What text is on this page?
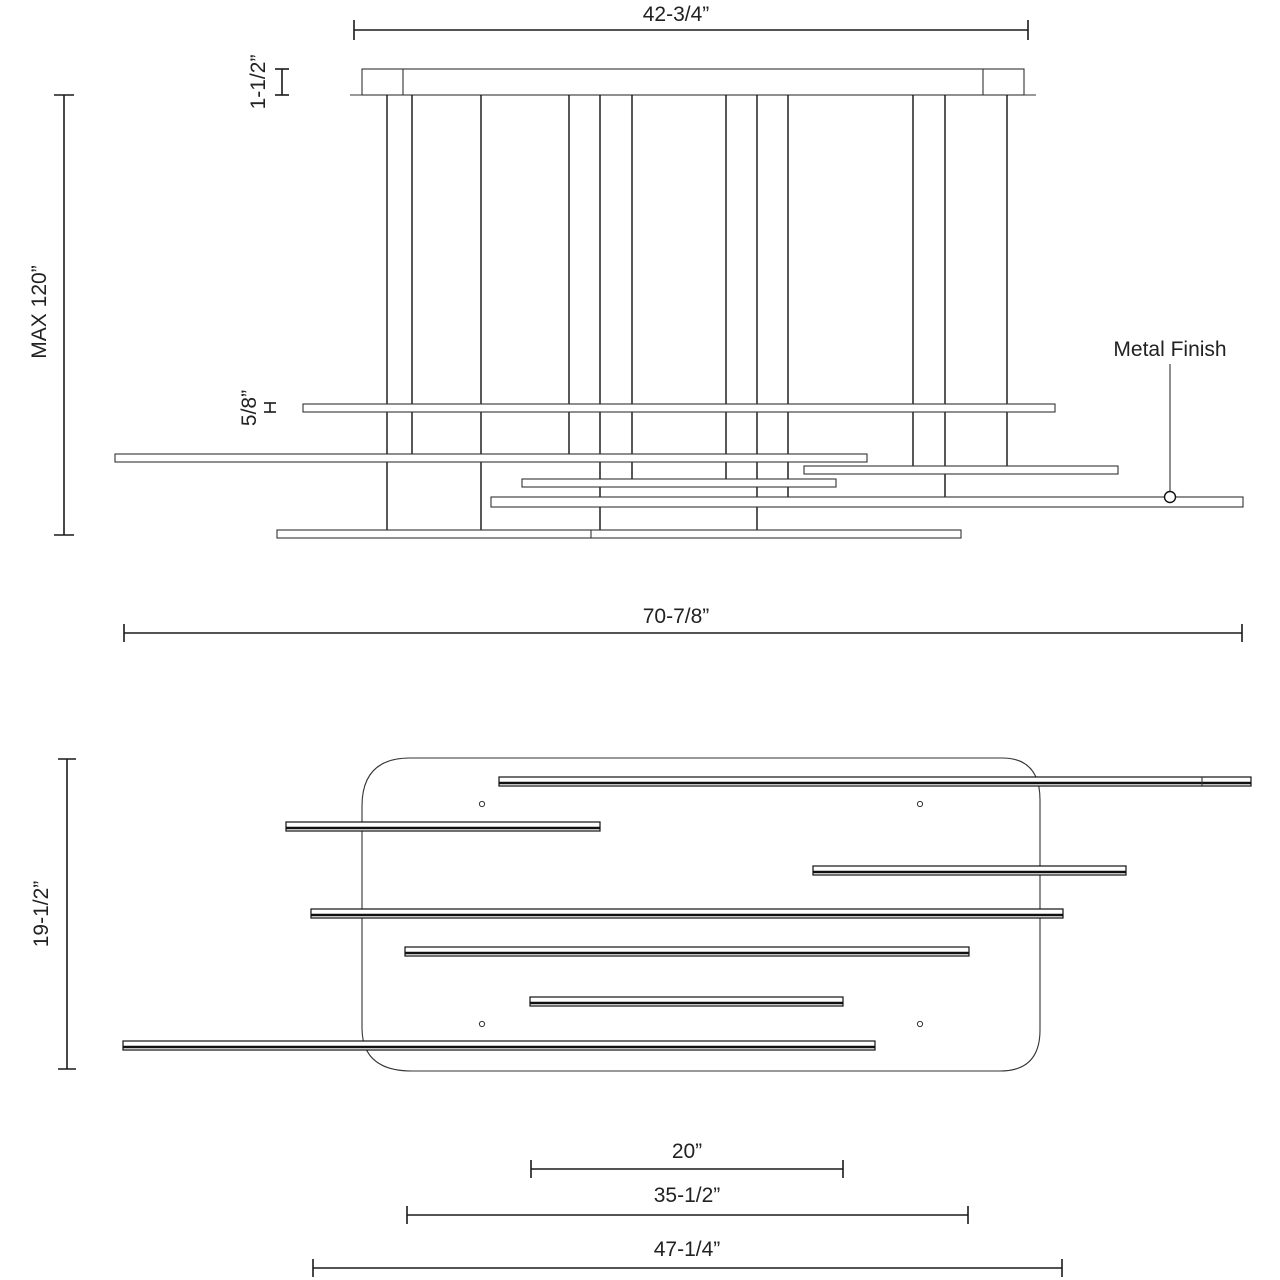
42-3/4”
1-1/2”
MAX 120”
5/8”
Metal Finish
70-7/8”
19-1/2”
20”
35-1/2”
47-1/4”
